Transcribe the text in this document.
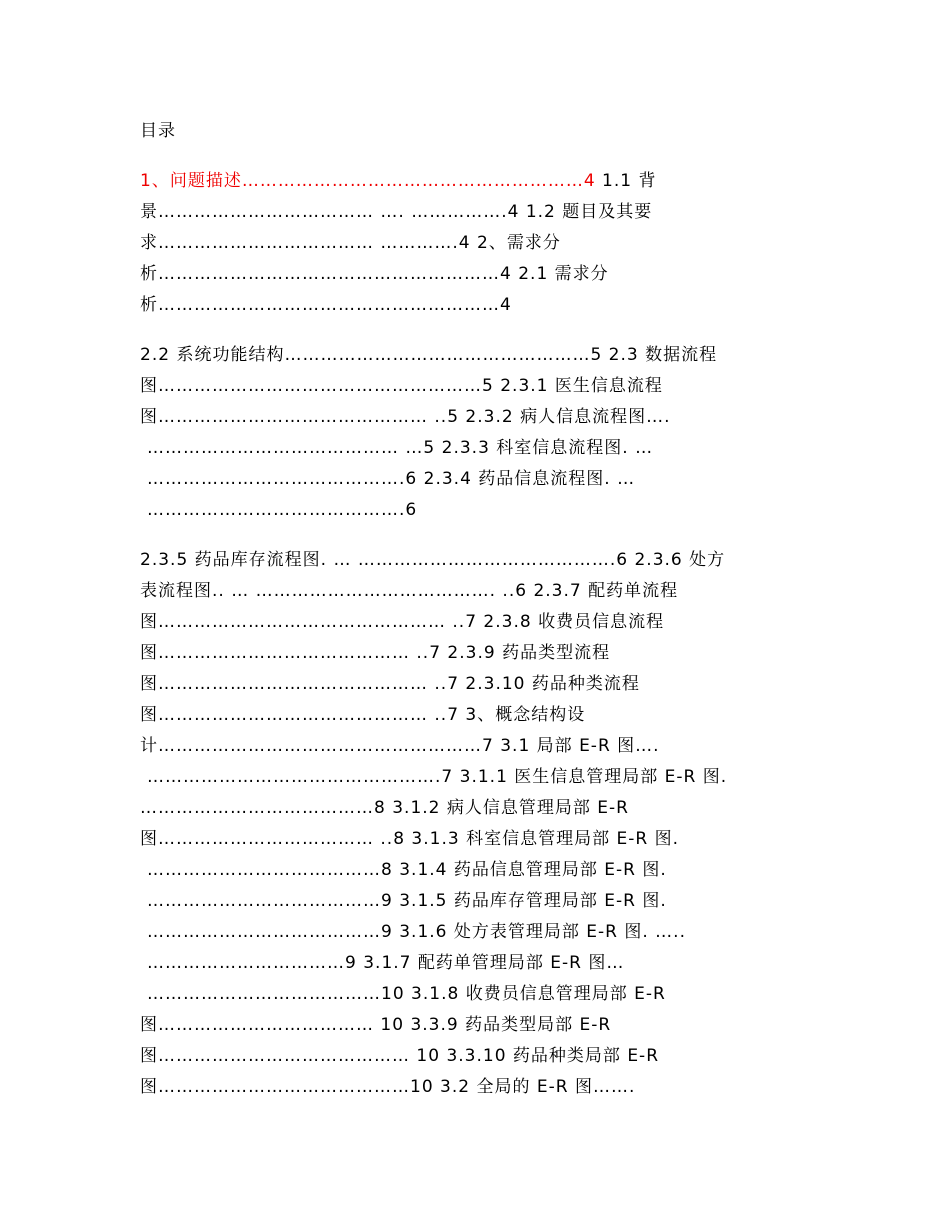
目录
1、问题描述…………………………………………………4 1.1 背
景……………………………… …. …………….4 1.2 题目及其要
求……………………………… ………….4 2、需求分
析…………………………………………………4 2.1 需求分
析…………………………………………………4
2.2 系统功能结构……………………………………………5 2.3 数据流程
图………………………………………………5 2.3.1 医生信息流程
图……………………………………… ..5 2.3.2 病人信息流程图….
…………………………………… …5 2.3.3 科室信息流程图. …
…………………………………….6 2.3.4 药品信息流程图. …
…………………………………….6
2.3.5 药品库存流程图. … …………………………………….6 2.3.6 处方
表流程图.. … …………………………………. ..6 2.3.7 配药单流程
图………………………………………… ..7 2.3.8 收费员信息流程
图…………………………………… ..7 2.3.9 药品类型流程
图……………………………………… ..7 2.3.10 药品种类流程
图……………………………………… ..7 3、概念结构设
计………………………………………………7 3.1 局部 E-R 图….
………………………………………….7 3.1.1 医生信息管理局部 E-R 图.
…………………………………8 3.1.2 病人信息管理局部 E-R
图……………………………… ..8 3.1.3 科室信息管理局部 E-R 图.
…………………………………8 3.1.4 药品信息管理局部 E-R 图.
…………………………………9 3.1.5 药品库存管理局部 E-R 图.
…………………………………9 3.1.6 处方表管理局部 E-R 图. …..
……………………………9 3.1.7 配药单管理局部 E-R 图…
…………………………………10 3.1.8 收费员信息管理局部 E-R
图……………………………… 10 3.3.9 药品类型局部 E-R
图…………………………………… 10 3.3.10 药品种类局部 E-R
图……………………………………10 3.2 全局的 E-R 图…….
